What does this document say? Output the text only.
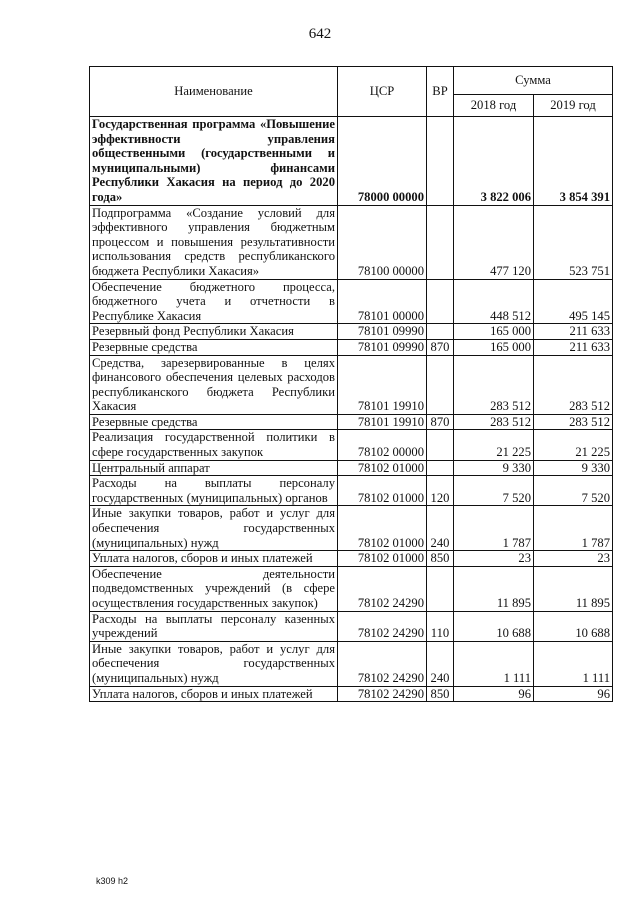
642
Наименование	ЦСР	ВР	Сумма	
			2018 год	2019 год
Государственная программа «Повышение эффективности управления общественными (государственными и муниципальными) финансами Республики Хакасия на период до 2020 года»	78000 00000		3 822 006	3 854 391
Подпрограмма «Создание условий для эффективного управления бюджетным процессом и повышения результативности использования средств республиканского бюджета Республики Хакасия»	78100 00000		477 120	523 751
Обеспечение бюджетного процесса, бюджетного учета и отчетности в Республике Хакасия	78101 00000		448 512	495 145
Резервный фонд Республики Хакасия	78101 09990		165 000	211 633
Резервные средства	78101 09990	870	165 000	211 633
Средства, зарезервированные в целях финансового обеспечения целевых расходов республиканского бюджета Республики Хакасия	78101 19910		283 512	283 512
Резервные средства	78101 19910	870	283 512	283 512
Реализация государственной политики в сфере государственных закупок	78102 00000		21 225	21 225
Центральный аппарат	78102 01000		9 330	9 330
Расходы на выплаты персоналу государственных (муниципальных) органов	78102 01000	120	7 520	7 520
Иные закупки товаров, работ и услуг для обеспечения государственных (муниципальных) нужд	78102 01000	240	1 787	1 787
Уплата налогов, сборов и иных платежей	78102 01000	850	23	23
Обеспечение деятельности подведомственных учреждений (в сфере осуществления государственных закупок)	78102 24290		11 895	11 895
Расходы на выплаты персоналу казенных учреждений	78102 24290	110	10 688	10 688
Иные закупки товаров, работ и услуг для обеспечения государственных (муниципальных) нужд	78102 24290	240	1 111	1 111
Уплата налогов, сборов и иных платежей	78102 24290	850	96	96
k309 h2
